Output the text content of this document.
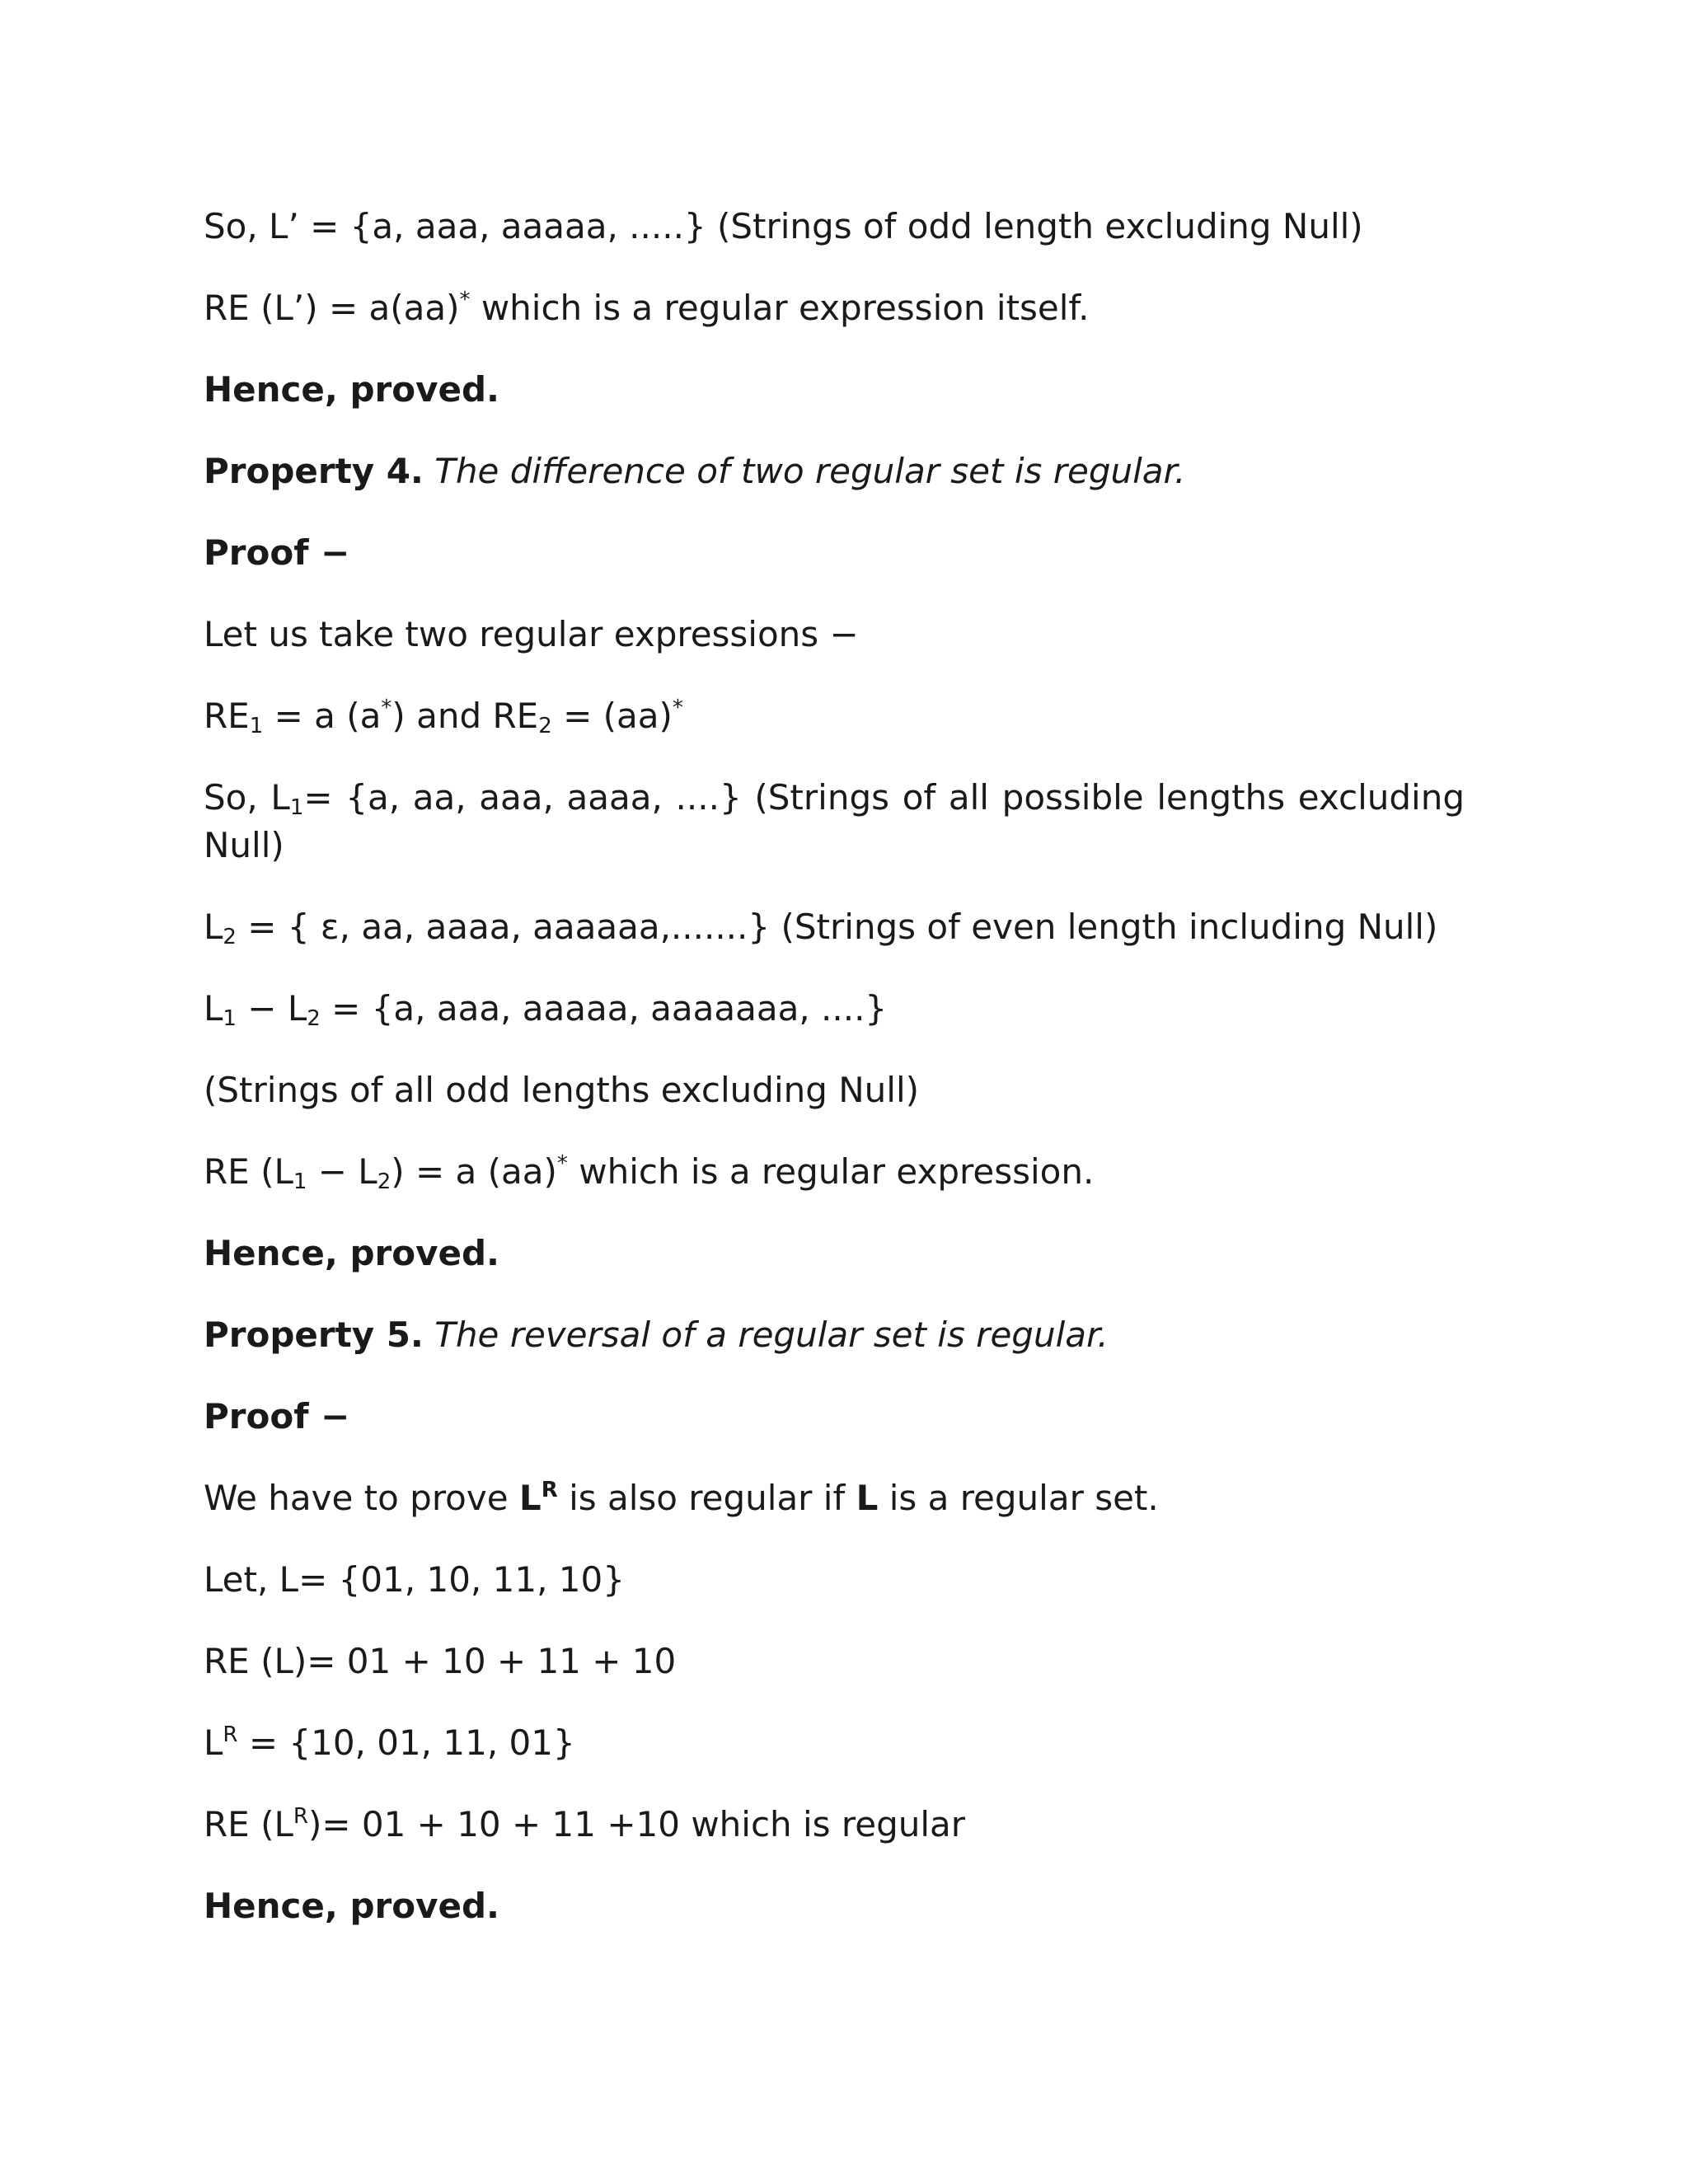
So, L’ = {a, aaa, aaaaa, .....} (Strings of odd length excluding Null)
RE (L’) = a(aa)* which is a regular expression itself.
Hence, proved.
Property 4. The difference of two regular set is regular.
Proof −
Let us take two regular expressions −
$RE_1 = a$ (a*) and $RE_2 = (aa)^*$
So, $L_1= \{a$, aa, aaa, aaaa, ....} (Strings of all possible lengths excluding Null)
$L_2$ = { ε, aa, aaaa, aaaaaa,.......} (Strings of even length including Null)
$L_1 - L_2 = \{a$, aaa, aaaaa, aaaaaaa, ....}
(Strings of all odd lengths excluding Null)
RE $(L_1 - L_2) = a$ (aa)* which is a regular expression.
Hence, proved.
Property 5. The reversal of a regular set is regular.
Proof −
We have to prove $L^R$ is also regular if L is a regular set.
Let, L= {01, 10, 11, 10}
RE (L)= 01 + 10 + 11 + 10
$L^R = \{10$, 01, 11, 01}
RE $(L^R)= 01 + 10 + 11 +10$ which is regular
Hence, proved.
